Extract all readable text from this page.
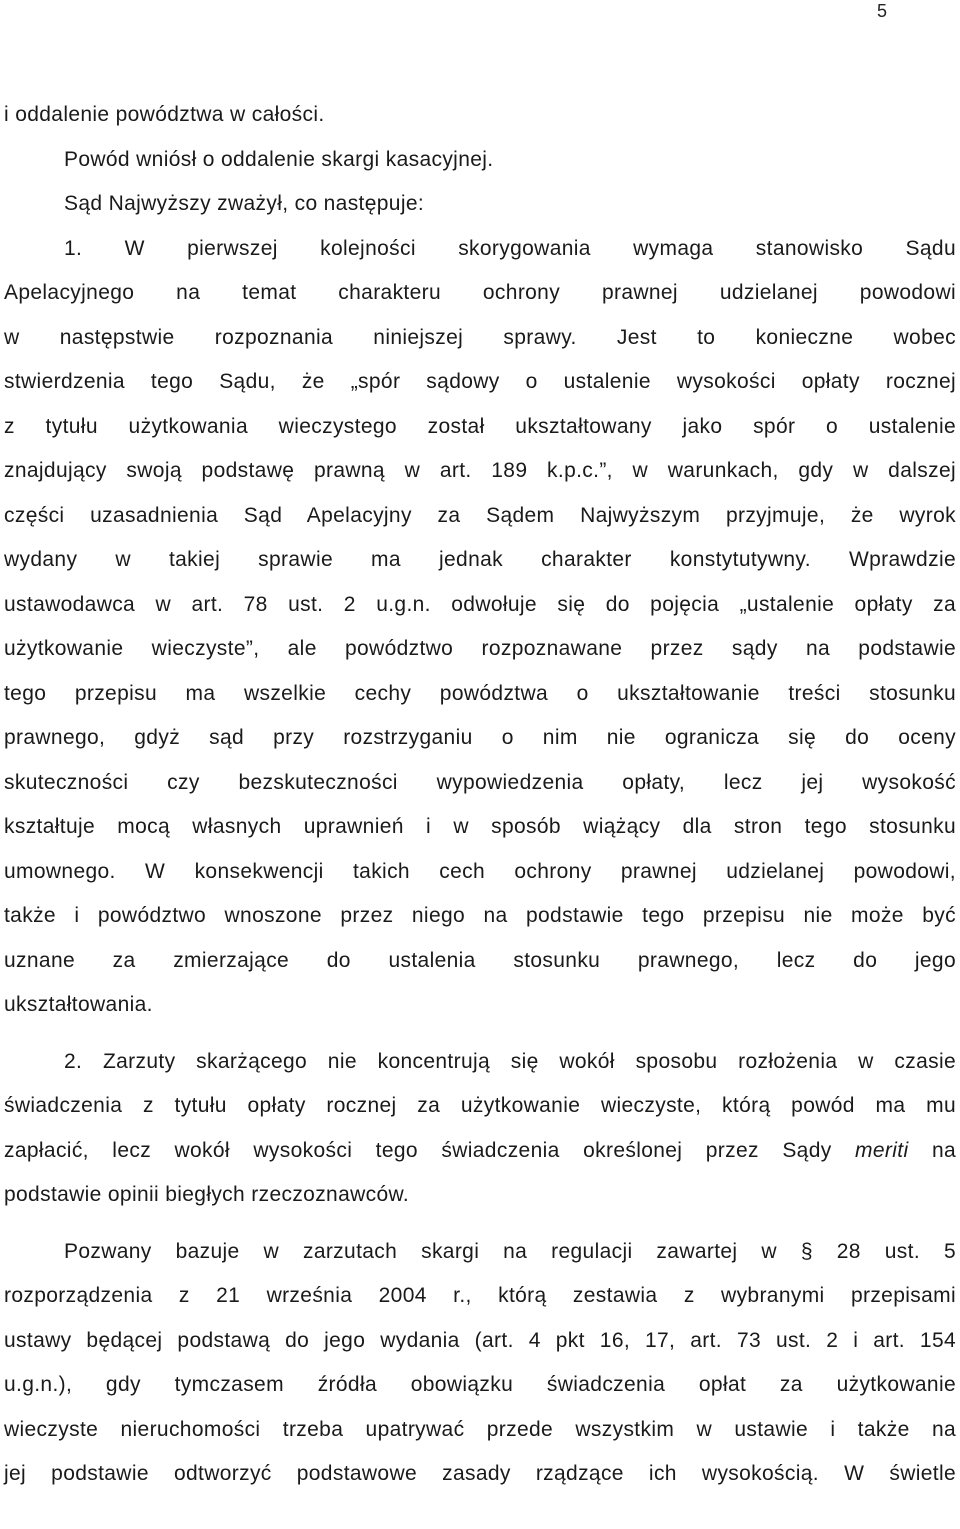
5
i oddalenie powództwa w całości.
Powód wniósł o oddalenie skargi kasacyjnej.
Sąd Najwyższy zważył, co następuje:
1. W pierwszej kolejności skorygowania wymaga stanowisko Sądu
Apelacyjnego na temat charakteru ochrony prawnej udzielanej powodowi
w następstwie rozpoznania niniejszej sprawy. Jest to konieczne wobec
stwierdzenia tego Sądu, że „spór sądowy o ustalenie wysokości opłaty rocznej
z tytułu użytkowania wieczystego został ukształtowany jako spór o ustalenie
znajdujący swoją podstawę prawną w art. 189 k.p.c.”, w warunkach, gdy w dalszej
części uzasadnienia Sąd Apelacyjny za Sądem Najwyższym przyjmuje, że wyrok
wydany w takiej sprawie ma jednak charakter konstytutywny. Wprawdzie
ustawodawca w art. 78 ust. 2 u.g.n. odwołuje się do pojęcia „ustalenie opłaty za
użytkowanie wieczyste”, ale powództwo rozpoznawane przez sądy na podstawie
tego przepisu ma wszelkie cechy powództwa o ukształtowanie treści stosunku
prawnego, gdyż sąd przy rozstrzyganiu o nim nie ogranicza się do oceny
skuteczności czy bezskuteczności wypowiedzenia opłaty, lecz jej wysokość
kształtuje mocą własnych uprawnień i w sposób wiążący dla stron tego stosunku
umownego. W konsekwencji takich cech ochrony prawnej udzielanej powodowi,
także i powództwo wnoszone przez niego na podstawie tego przepisu nie może być
uznane za zmierzające do ustalenia stosunku prawnego, lecz do jego
ukształtowania.
2. Zarzuty skarżącego nie koncentrują się wokół sposobu rozłożenia w czasie
świadczenia z tytułu opłaty rocznej za użytkowanie wieczyste, którą powód ma mu
zapłacić, lecz wokół wysokości tego świadczenia określonej przez Sądy meriti na
podstawie opinii biegłych rzeczoznawców.
Pozwany bazuje w zarzutach skargi na regulacji zawartej w § 28 ust. 5
rozporządzenia z 21 września 2004 r., którą zestawia z wybranymi przepisami
ustawy będącej podstawą do jego wydania (art. 4 pkt 16, 17, art. 73 ust. 2 i art. 154
u.g.n.), gdy tymczasem źródła obowiązku świadczenia opłat za użytkowanie
wieczyste nieruchomości trzeba upatrywać przede wszystkim w ustawie i także na
jej podstawie odtworzyć podstawowe zasady rządzące ich wysokością. W świetle
